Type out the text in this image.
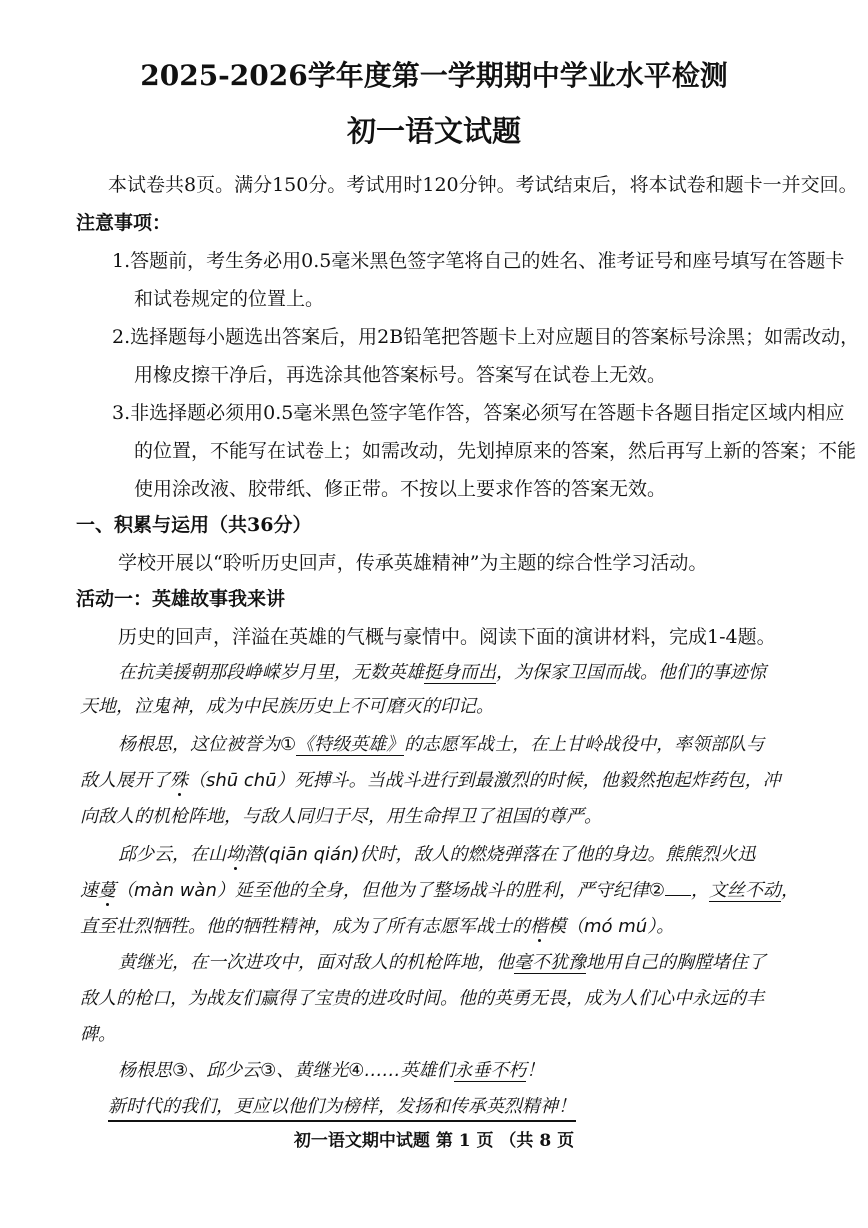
2025-2026学年度第一学期期中学业水平检测
初一语文试题
本试卷共8页。满分150分。考试用时120分钟。考试结束后，将本试卷和题卡一并交回。
注意事项：
1.答题前，考生务必用0.5毫米黑色签字笔将自己的姓名、准考证号和座号填写在答题卡
和试卷规定的位置上。
2.选择题每小题选出答案后，用2B铅笔把答题卡上对应题目的答案标号涂黑；如需改动，
用橡皮擦干净后，再选涂其他答案标号。答案写在试卷上无效。
3.非选择题必须用0.5毫米黑色签字笔作答，答案必须写在答题卡各题目指定区域内相应
的位置，不能写在试卷上；如需改动，先划掉原来的答案，然后再写上新的答案；不能
使用涂改液、胶带纸、修正带。不按以上要求作答的答案无效。
一、积累与运用（共36分）
学校开展以“聆听历史回声，传承英雄精神”为主题的综合性学习活动。
活动一：英雄故事我来讲
历史的回声，洋溢在英雄的气概与豪情中。阅读下面的演讲材料，完成1-4题。
在抗美援朝那段峥嵘岁月里，无数英雄挺身而出，为保家卫国而战。他们的事迹惊
天地，泣鬼神，成为中民族历史上不可磨灭的印记。
杨根思，这位被誉为①《特级英雄》的志愿军战士，在上甘岭战役中，率领部队与
敌人展开了殊（shū chū）死搏斗。当战斗进行到最激烈的时候，他毅然抱起炸药包，冲
向敌人的机枪阵地，与敌人同归于尽，用生命捍卫了祖国的尊严。
邱少云，在山坳潜(qiān qián)伏时，敌人的燃烧弹落在了他的身边。熊熊烈火迅
速蔓（màn wàn）延至他的全身，但他为了整场战斗的胜利，严守纪律② ，文丝不动，
直至壮烈牺牲。他的牺牲精神，成为了所有志愿军战士的楷模（mó mú）。
黄继光，在一次进攻中，面对敌人的机枪阵地，他毫不犹豫地用自己的胸膛堵住了
敌人的枪口，为战友们赢得了宝贵的进攻时间。他的英勇无畏，成为人们心中永远的丰
碑。
杨根思③、邱少云③、黄继光④……英雄们永垂不朽！
新时代的我们，更应以他们为榜样，发扬和传承英烈精神！
初一语文期中试题 第 1 页 （共 8 页
